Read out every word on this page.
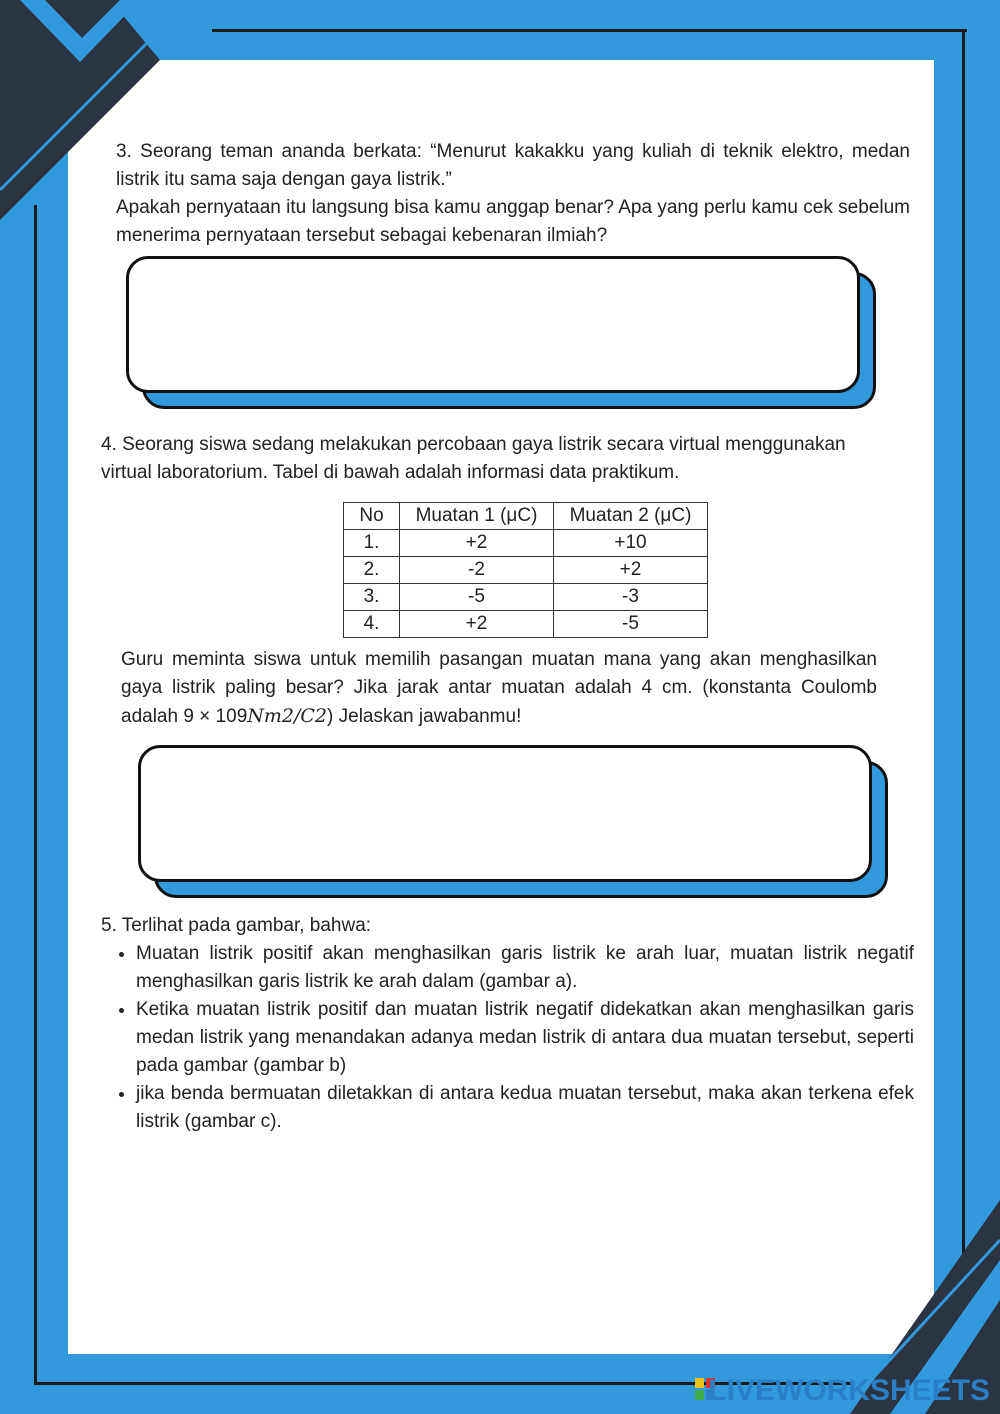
3. Seorang teman ananda berkata: “Menurut kakakku yang kuliah di teknik elektro, medan listrik itu sama saja dengan gaya listrik.”

Apakah pernyataan itu langsung bisa kamu anggap benar? Apa yang perlu kamu cek sebelum menerima pernyataan tersebut sebagai kebenaran ilmiah?

4. Seorang siswa sedang melakukan percobaan gaya listrik secara virtual menggunakan virtual laboratorium. Tabel di bawah adalah informasi data praktikum.

No	Muatan 1 (μC)	Muatan 2 (μC)
1.	+2	+10
2.	-2	+2
3.	-5	-3
4.	+2	-5

Guru meminta siswa untuk memilih pasangan muatan mana yang akan menghasilkan gaya listrik paling besar? Jika jarak antar muatan adalah 4 cm. (konstanta Coulomb adalah 9 × 109Nm2/C2) Jelaskan jawabanmu!

5. Terlihat pada gambar, bahwa:

• Muatan listrik positif akan menghasilkan garis listrik ke arah luar, muatan listrik negatif menghasilkan garis listrik ke arah dalam (gambar a).
• Ketika muatan listrik positif dan muatan listrik negatif didekatkan akan menghasilkan garis medan listrik yang menandakan adanya medan listrik di antara dua muatan tersebut, seperti pada gambar (gambar b)
• jika benda bermuatan diletakkan di antara kedua muatan tersebut, maka akan terkena efek listrik (gambar c).
LIVEWORKSHEETS
